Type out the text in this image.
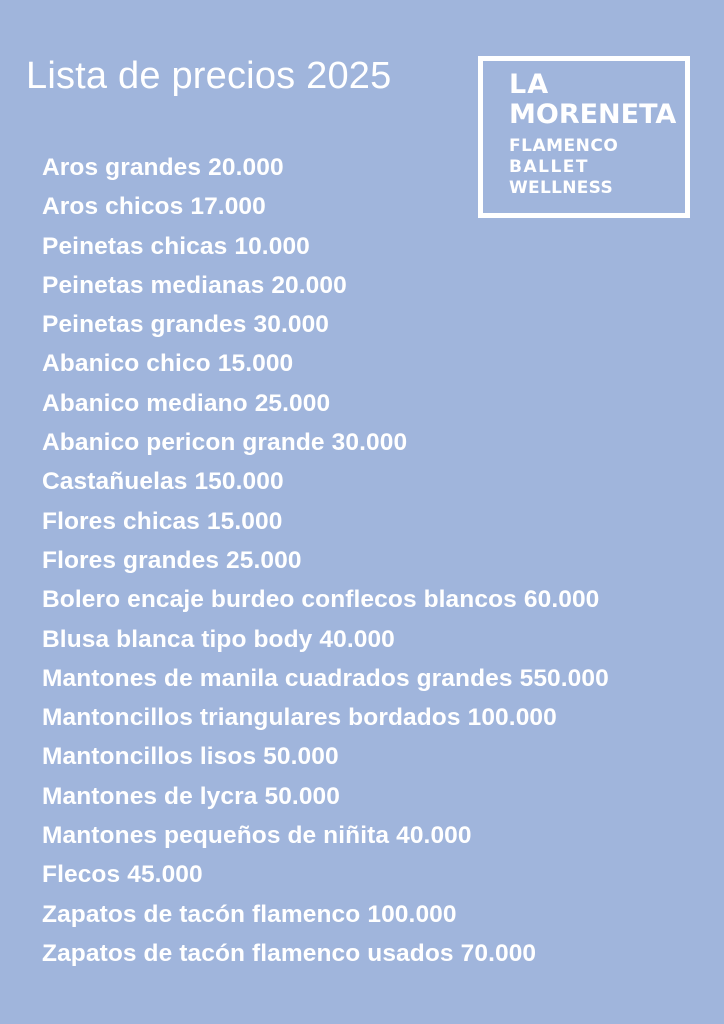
Lista de precios 2025	LA
MORENETA
FLAMENCO
BALLET
WELLNESS
Aros grandes 20.000
Aros chicos 17.000
Peinetas chicas 10.000
Peinetas medianas 20.000
Peinetas grandes 30.000
Abanico chico 15.000
Abanico mediano 25.000
Abanico pericon grande 30.000
Castañuelas 150.000
Flores chicas 15.000
Flores grandes 25.000
Bolero encaje burdeo conflecos blancos 60.000
Blusa blanca tipo body 40.000
Mantones de manila cuadrados grandes 550.000
Mantoncillos triangulares bordados 100.000
Mantoncillos lisos 50.000
Mantones de lycra 50.000
Mantones pequeños de niñita 40.000
Flecos 45.000
Zapatos de tacón flamenco 100.000
Zapatos de tacón flamenco usados 70.000
